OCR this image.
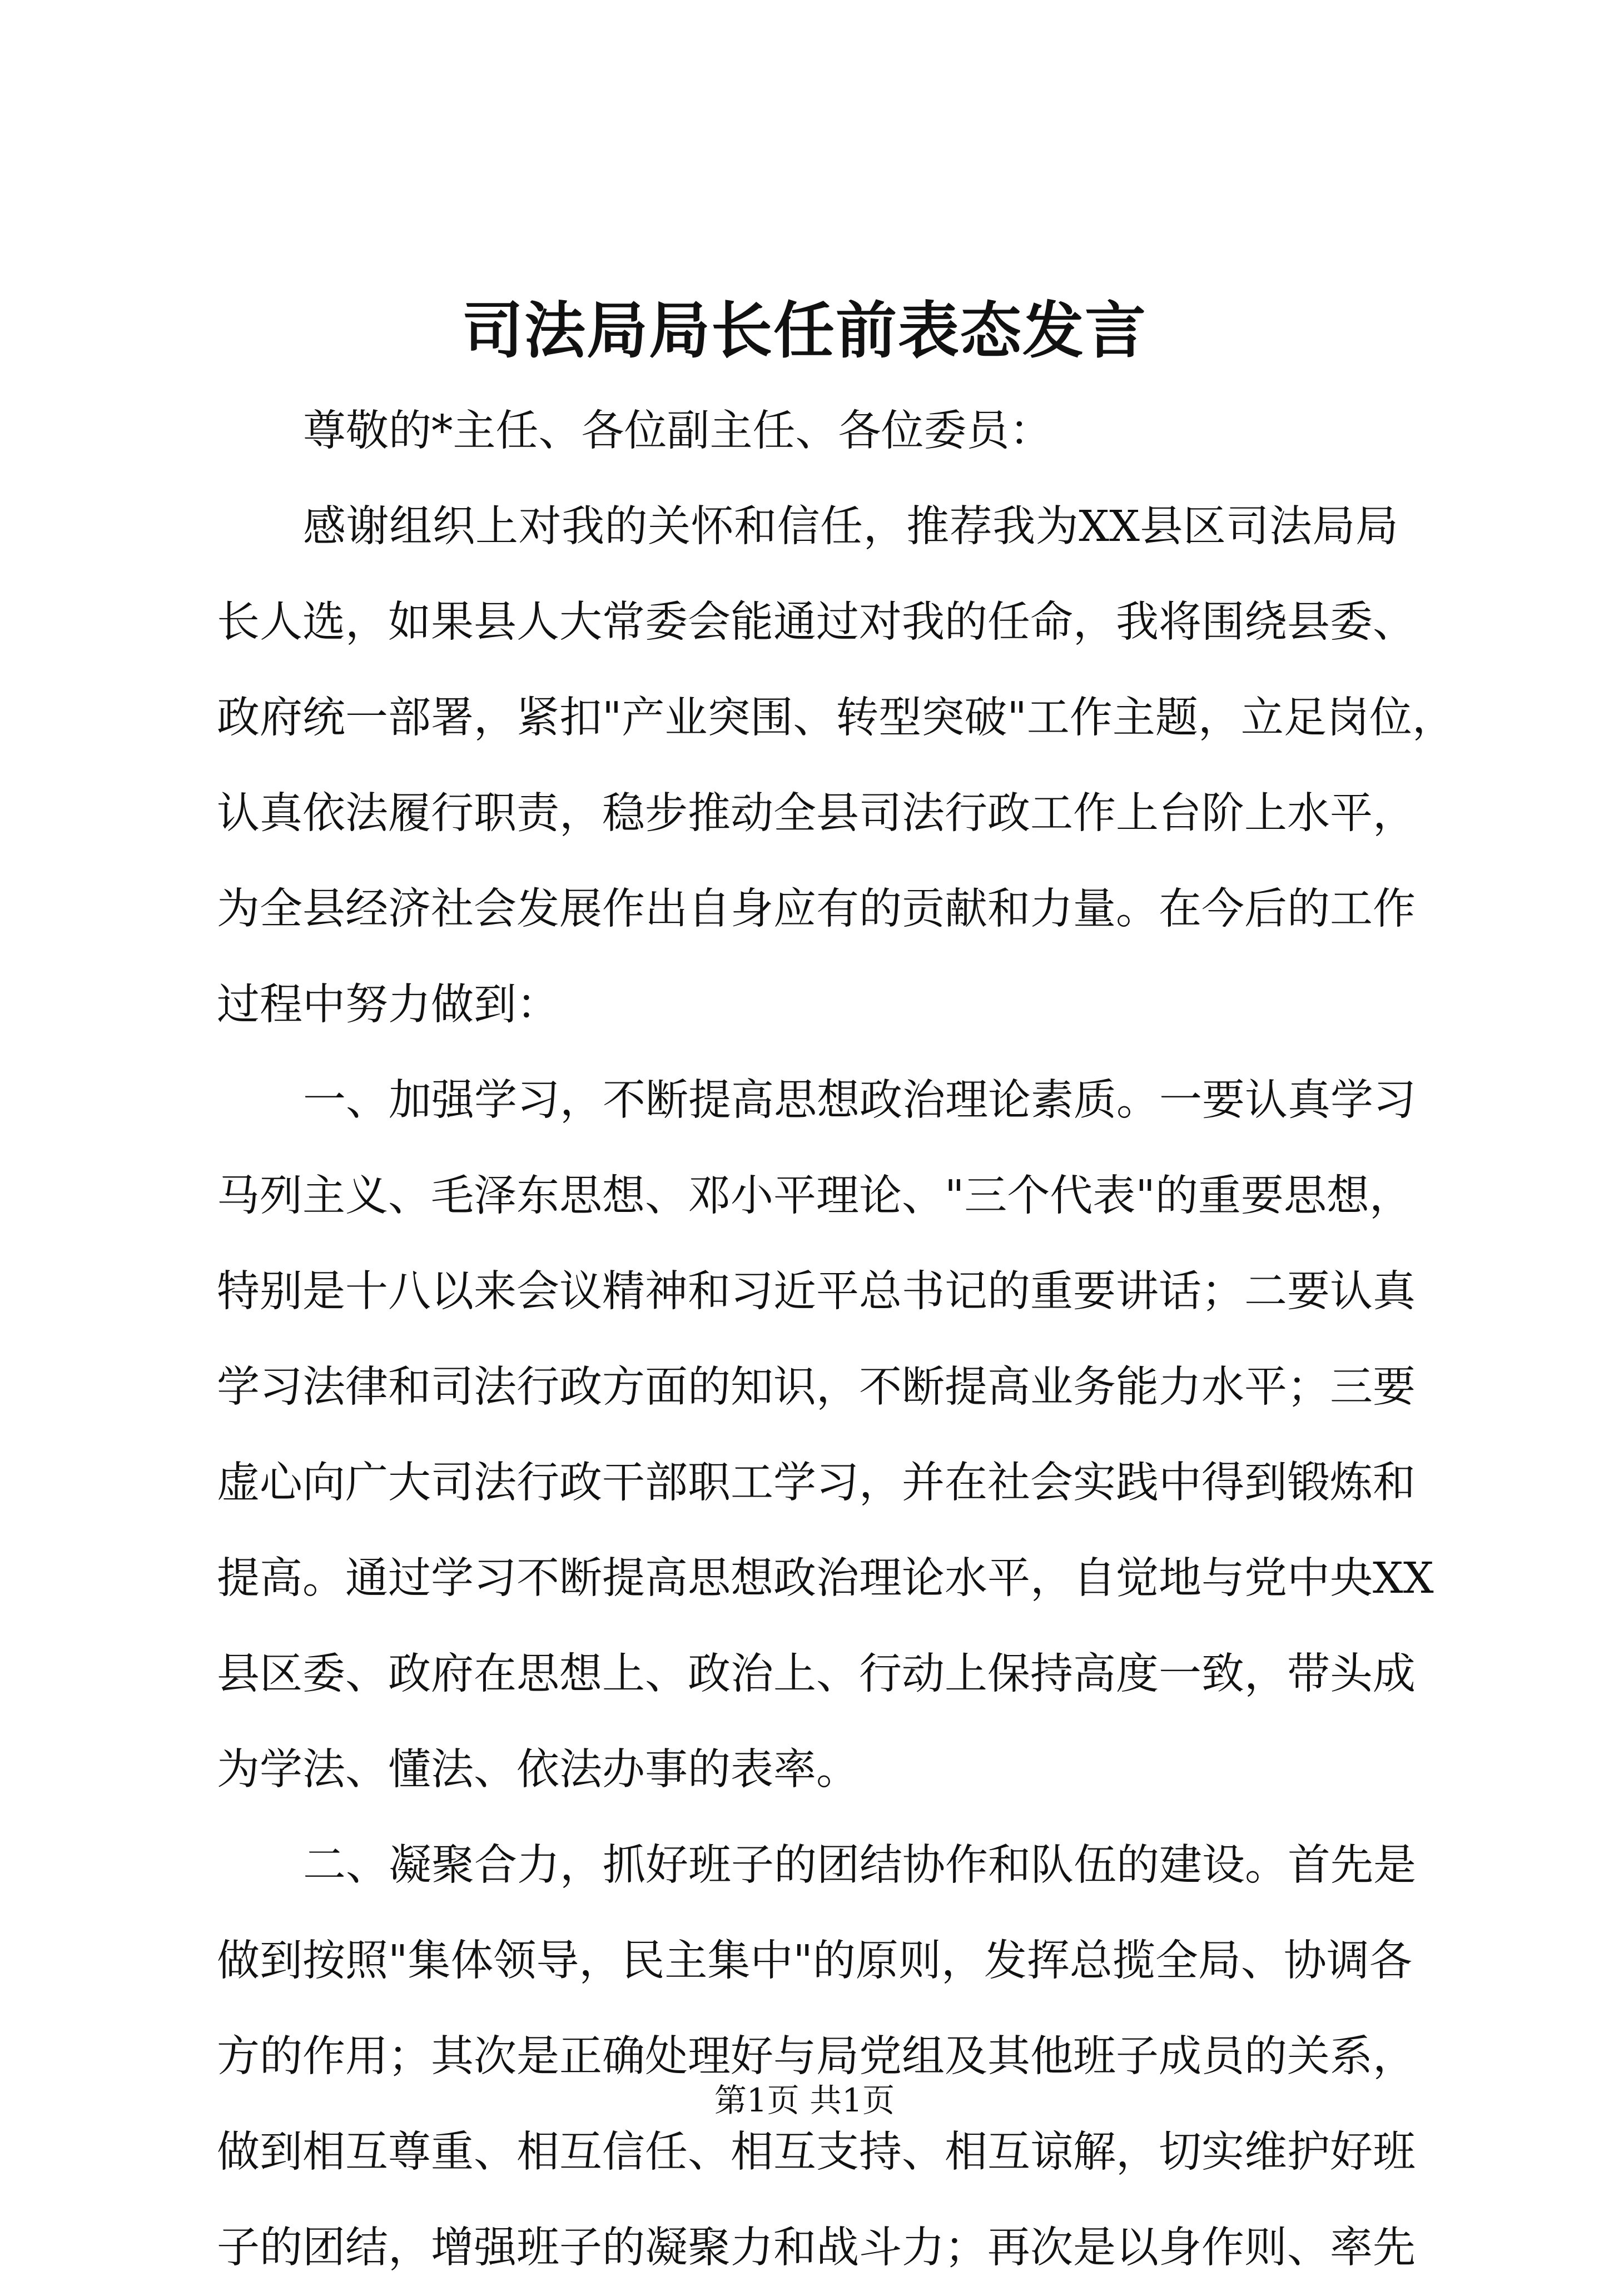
司法局局长任前表态发言
尊敬的*主任、各位副主任、各位委员：
感谢组织上对我的关怀和信任，推荐我为XX县区司法局局
长人选，如果县人大常委会能通过对我的任命，我将围绕县委、
政府统一部署，紧扣"产业突围、转型突破"工作主题，立足岗位，
认真依法履行职责，稳步推动全县司法行政工作上台阶上水平，
为全县经济社会发展作出自身应有的贡献和力量。在今后的工作
过程中努力做到：
一、加强学习，不断提高思想政治理论素质。一要认真学习
马列主义、毛泽东思想、邓小平理论、"三个代表"的重要思想，
特别是十八以来会议精神和习近平总书记的重要讲话；二要认真
学习法律和司法行政方面的知识，不断提高业务能力水平；三要
虚心向广大司法行政干部职工学习，并在社会实践中得到锻炼和
提高。通过学习不断提高思想政治理论水平，自觉地与党中央XX
县区委、政府在思想上、政治上、行动上保持高度一致，带头成
为学法、懂法、依法办事的表率。
二、凝聚合力，抓好班子的团结协作和队伍的建设。首先是
做到按照"集体领导，民主集中"的原则，发挥总揽全局、协调各
方的作用；其次是正确处理好与局党组及其他班子成员的关系，
做到相互尊重、相互信任、相互支持、相互谅解，切实维护好班
子的团结，增强班子的凝聚力和战斗力；再次是以身作则、率先
第1页 共1页
